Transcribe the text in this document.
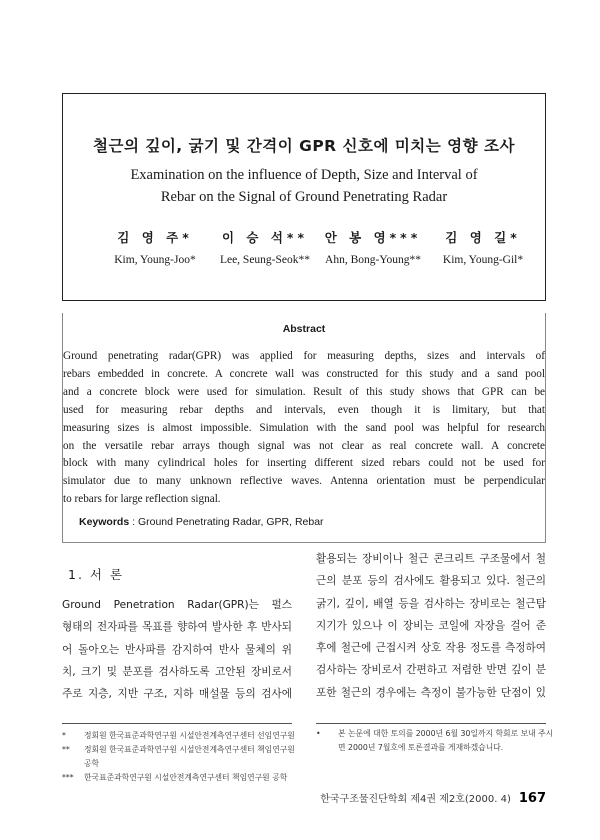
철근의 깊이, 굵기 및 간격이 GPR 신호에 미치는 영향 조사
Examination on the influence of Depth, Size and Interval of
Rebar on the Signal of Ground Penetrating Radar
김 영 주*
Kim, Young-Joo*
이 승 석**
Lee, Seung-Seok**
안 봉 영***
Ahn, Bong-Young**
김 영 길*
Kim, Young-Gil*
Abstract
Ground penetrating radar(GPR) was applied for measuring depths, sizes and intervals of
rebars embedded in concrete. A concrete wall was constructed for this study and a sand pool
and a concrete block were used for simulation. Result of this study shows that GPR can be
used for measuring rebar depths and intervals, even though it is limitary, but that
measuring sizes is almost impossible. Simulation with the sand pool was helpful for research
on the versatile rebar arrays though signal was not clear as real concrete wall. A concrete
block with many cylindrical holes for inserting different sized rebars could not be used for
simulator due to many unknown reflective waves. Antenna orientation must be perpendicular
to rebars for large reflection signal.
Keywords : Ground Penetrating Radar, GPR, Rebar
1. 서 론
Ground Penetration Radar(GPR)는 펄스
형태의 전자파를 목표를 향하여 발사한 후 반사되
어 돌아오는 반사파를 감지하여 반사 물체의 위
치, 크기 및 분포를 검사하도록 고안된 장비로서
주로 지층, 지반 구조, 지하 매설물 등의 검사에
활용되는 장비이나 철근 콘크리트 구조물에서 철
근의 분포 등의 검사에도 활용되고 있다. 철근의
굵기, 깊이, 배열 등을 검사하는 장비로는 철근탐
지기가 있으나 이 장비는 코일에 자장을 걸어 준
후에 철근에 근접시켜 상호 작용 정도를 측정하여
검사하는 장비로서 간편하고 저렴한 반면 깊이 분
포한 철근의 경우에는 측정이 불가능한 단점이 있
*	정회원 한국표준과학연구원 시설안전계측연구센터 선임연구원
**	정회원 한국표준과학연구원 시설안전계측연구센터 책임연구원 공학
***	한국표준과학연구원 시설안전계측연구센터 책임연구원 공학
•	본 논문에 대한 토의를 2000년 6월 30일까지 학회로 보내 주시면 2000년 7월호에 토론결과를 게재하겠습니다.
한국구조물진단학회 제4권 제2호(2000. 4) 167
